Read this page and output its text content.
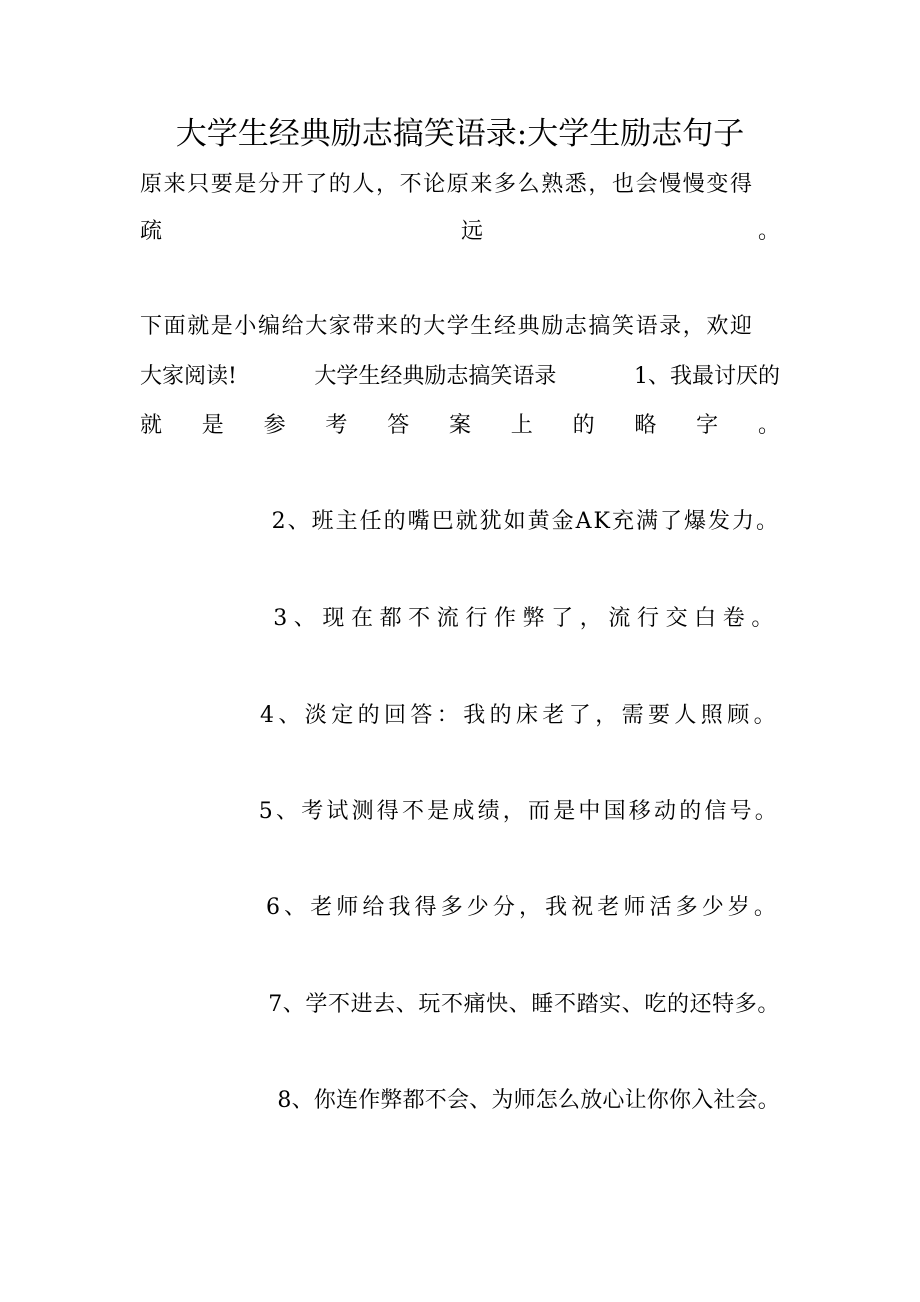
大学生经典励志搞笑语录:大学生励志句子

原来只要是分开了的人，不论原来多么熟悉，也会慢慢变得

疏	远	。

下面就是小编给大家带来的大学生经典励志搞笑语录，欢迎

大家阅读!	大学生经典励志搞笑语录	1、我最讨厌的

就 是 参 考 答 案 上 的 略 字 。

2、班主任的嘴巴就犹如黄金AK充满了爆发力。

3、现在都不流行作弊了，流行交白卷。

4、淡定的回答：我的床老了，需要人照顾。

5、考试测得不是成绩，而是中国移动的信号。

6、老师给我得多少分，我祝老师活多少岁。

7、学不进去、玩不痛快、睡不踏实、吃的还特多。

8、你连作弊都不会、为师怎么放心让你你入社会。
